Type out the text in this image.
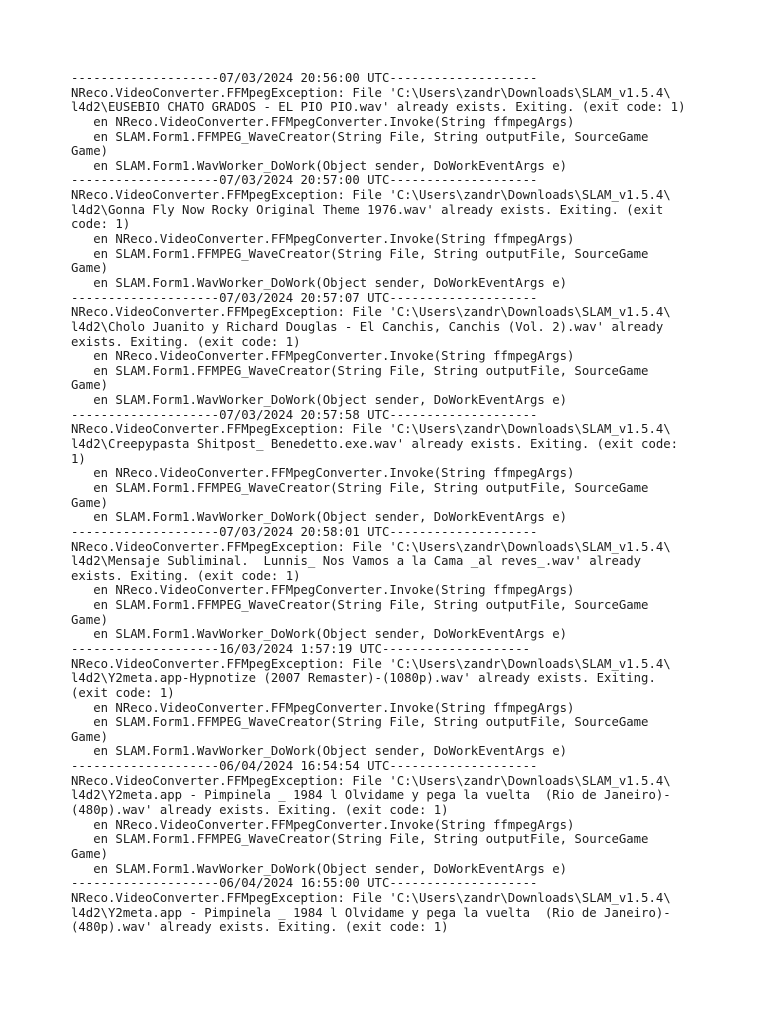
--------------------07/03/2024 20:56:00 UTC--------------------
NReco.VideoConverter.FFMpegException: File 'C:\Users\zandr\Downloads\SLAM_v1.5.4\
l4d2\EUSEBIO CHATO GRADOS - EL PIO PIO.wav' already exists. Exiting. (exit code: 1)
en NReco.VideoConverter.FFMpegConverter.Invoke(String ffmpegArgs)
en SLAM.Form1.FFMPEG_WaveCreator(String File, String outputFile, SourceGame
Game)
en SLAM.Form1.WavWorker_DoWork(Object sender, DoWorkEventArgs e)
--------------------07/03/2024 20:57:00 UTC--------------------
NReco.VideoConverter.FFMpegException: File 'C:\Users\zandr\Downloads\SLAM_v1.5.4\
l4d2\Gonna Fly Now Rocky Original Theme 1976.wav' already exists. Exiting. (exit
code: 1)
en NReco.VideoConverter.FFMpegConverter.Invoke(String ffmpegArgs)
en SLAM.Form1.FFMPEG_WaveCreator(String File, String outputFile, SourceGame
Game)
en SLAM.Form1.WavWorker_DoWork(Object sender, DoWorkEventArgs e)
--------------------07/03/2024 20:57:07 UTC--------------------
NReco.VideoConverter.FFMpegException: File 'C:\Users\zandr\Downloads\SLAM_v1.5.4\
l4d2\Cholo Juanito y Richard Douglas - El Canchis, Canchis (Vol. 2).wav' already
exists. Exiting. (exit code: 1)
en NReco.VideoConverter.FFMpegConverter.Invoke(String ffmpegArgs)
en SLAM.Form1.FFMPEG_WaveCreator(String File, String outputFile, SourceGame
Game)
en SLAM.Form1.WavWorker_DoWork(Object sender, DoWorkEventArgs e)
--------------------07/03/2024 20:57:58 UTC--------------------
NReco.VideoConverter.FFMpegException: File 'C:\Users\zandr\Downloads\SLAM_v1.5.4\
l4d2\Creepypasta Shitpost_ Benedetto.exe.wav' already exists. Exiting. (exit code:
1)
en NReco.VideoConverter.FFMpegConverter.Invoke(String ffmpegArgs)
en SLAM.Form1.FFMPEG_WaveCreator(String File, String outputFile, SourceGame
Game)
en SLAM.Form1.WavWorker_DoWork(Object sender, DoWorkEventArgs e)
--------------------07/03/2024 20:58:01 UTC--------------------
NReco.VideoConverter.FFMpegException: File 'C:\Users\zandr\Downloads\SLAM_v1.5.4\
l4d2\Mensaje Subliminal.  Lunnis_ Nos Vamos a la Cama _al reves_.wav' already
exists. Exiting. (exit code: 1)
en NReco.VideoConverter.FFMpegConverter.Invoke(String ffmpegArgs)
en SLAM.Form1.FFMPEG_WaveCreator(String File, String outputFile, SourceGame
Game)
en SLAM.Form1.WavWorker_DoWork(Object sender, DoWorkEventArgs e)
--------------------16/03/2024 1:57:19 UTC--------------------
NReco.VideoConverter.FFMpegException: File 'C:\Users\zandr\Downloads\SLAM_v1.5.4\
l4d2\Y2meta.app-Hypnotize (2007 Remaster)-(1080p).wav' already exists. Exiting.
(exit code: 1)
en NReco.VideoConverter.FFMpegConverter.Invoke(String ffmpegArgs)
en SLAM.Form1.FFMPEG_WaveCreator(String File, String outputFile, SourceGame
Game)
en SLAM.Form1.WavWorker_DoWork(Object sender, DoWorkEventArgs e)
--------------------06/04/2024 16:54:54 UTC--------------------
NReco.VideoConverter.FFMpegException: File 'C:\Users\zandr\Downloads\SLAM_v1.5.4\
l4d2\Y2meta.app - Pimpinela _ 1984 l Olvidame y pega la vuelta  (Rio de Janeiro)-
(480p).wav' already exists. Exiting. (exit code: 1)
en NReco.VideoConverter.FFMpegConverter.Invoke(String ffmpegArgs)
en SLAM.Form1.FFMPEG_WaveCreator(String File, String outputFile, SourceGame
Game)
en SLAM.Form1.WavWorker_DoWork(Object sender, DoWorkEventArgs e)
--------------------06/04/2024 16:55:00 UTC--------------------
NReco.VideoConverter.FFMpegException: File 'C:\Users\zandr\Downloads\SLAM_v1.5.4\
l4d2\Y2meta.app - Pimpinela _ 1984 l Olvidame y pega la vuelta  (Rio de Janeiro)-
(480p).wav' already exists. Exiting. (exit code: 1)
